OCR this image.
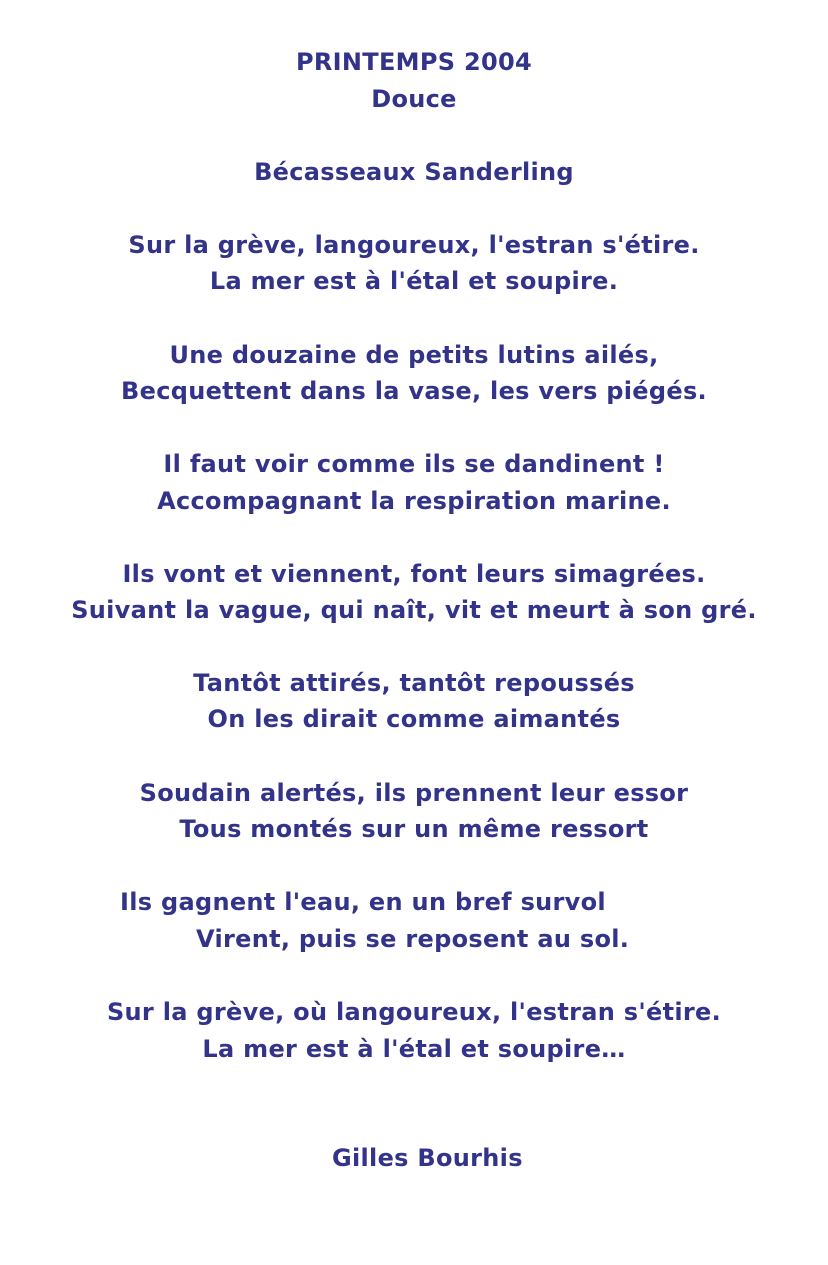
PRINTEMPS 2004
Douce
Bécasseaux Sanderling
Sur la grève, langoureux, l'estran s'étire.
La mer est à l'étal et soupire.
Une douzaine de petits lutins ailés,
Becquettent dans la vase, les vers piégés.
Il faut voir comme ils se dandinent !
Accompagnant la respiration marine.
Ils vont et viennent, font leurs simagrées.
Suivant la vague, qui naît, vit et meurt à son gré.
Tantôt attirés, tantôt repoussés
On les dirait comme aimantés
Soudain alertés, ils prennent leur essor
Tous montés sur un même ressort
Ils gagnent l'eau, en un bref survol
Virent, puis se reposent au sol.
Sur la grève, où langoureux, l'estran s'étire.
La mer est à l'étal et soupire…
Gilles Bourhis
